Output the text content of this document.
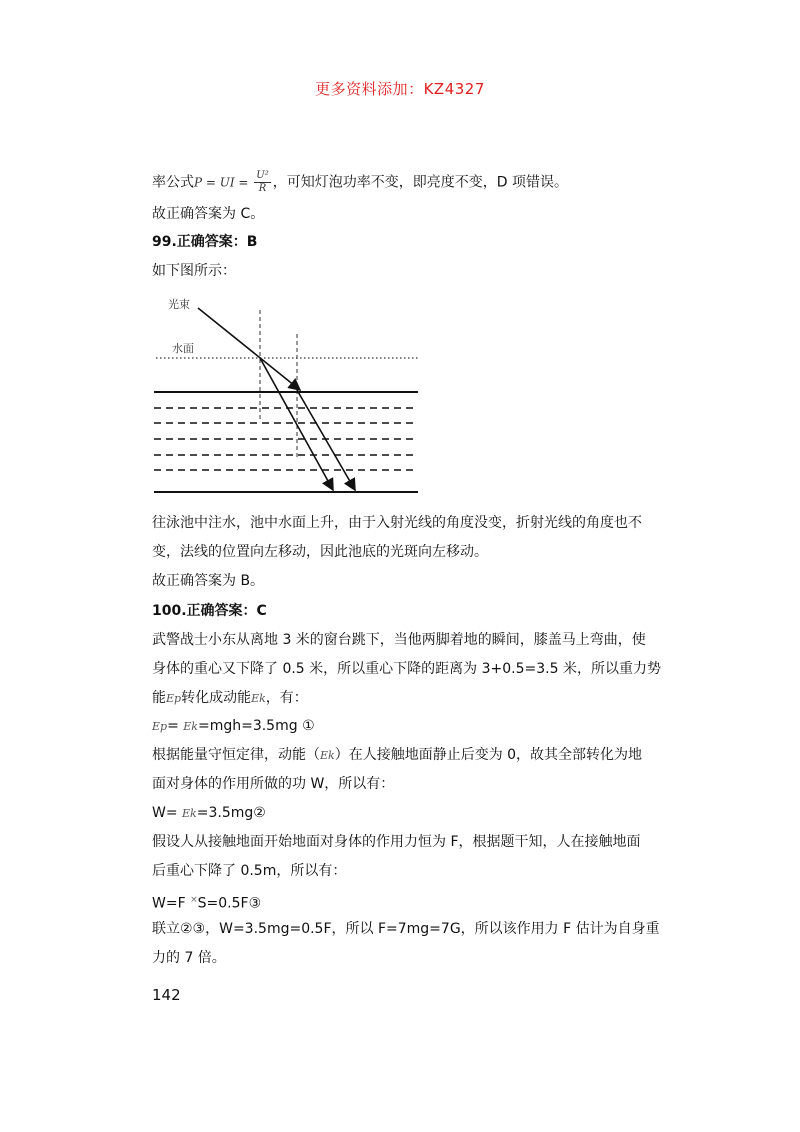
更多资料添加：KZ4327
率公式P = UI = $\frac{\text{U²}}{R}$ ，可知灯泡功率不变，即亮度不变，D 项错误。
故正确答案为 C。
99.正确答案：B
如下图所示：
光束
水面
往泳池中注水，池中水面上升，由于入射光线的角度没变，折射光线的角度也不
变，法线的位置向左移动，因此池底的光斑向左移动。
故正确答案为 B。
100.正确答案：C
武警战士小东从离地 3 米的窗台跳下，当他两脚着地的瞬间，膝盖马上弯曲，使
身体的重心又下降了 0.5 米，所以重心下降的距离为 3+0.5=3.5 米，所以重力势
能Ep转化成动能Ek，有：
Ep= Ek=mgh=3.5mg ①
根据能量守恒定律，动能（Ek）在人接触地面静止后变为 0，故其全部转化为地
面对身体的作用所做的功 W，所以有：
W= Ek=3.5mg②
假设人从接触地面开始地面对身体的作用力恒为 F，根据题干知，人在接触地面
后重心下降了 0.5m，所以有：
W=F ×S=0.5F③
联立②③，W=3.5mg=0.5F，所以 F=7mg=7G，所以该作用力 F 估计为自身重
力的 7 倍。
142
